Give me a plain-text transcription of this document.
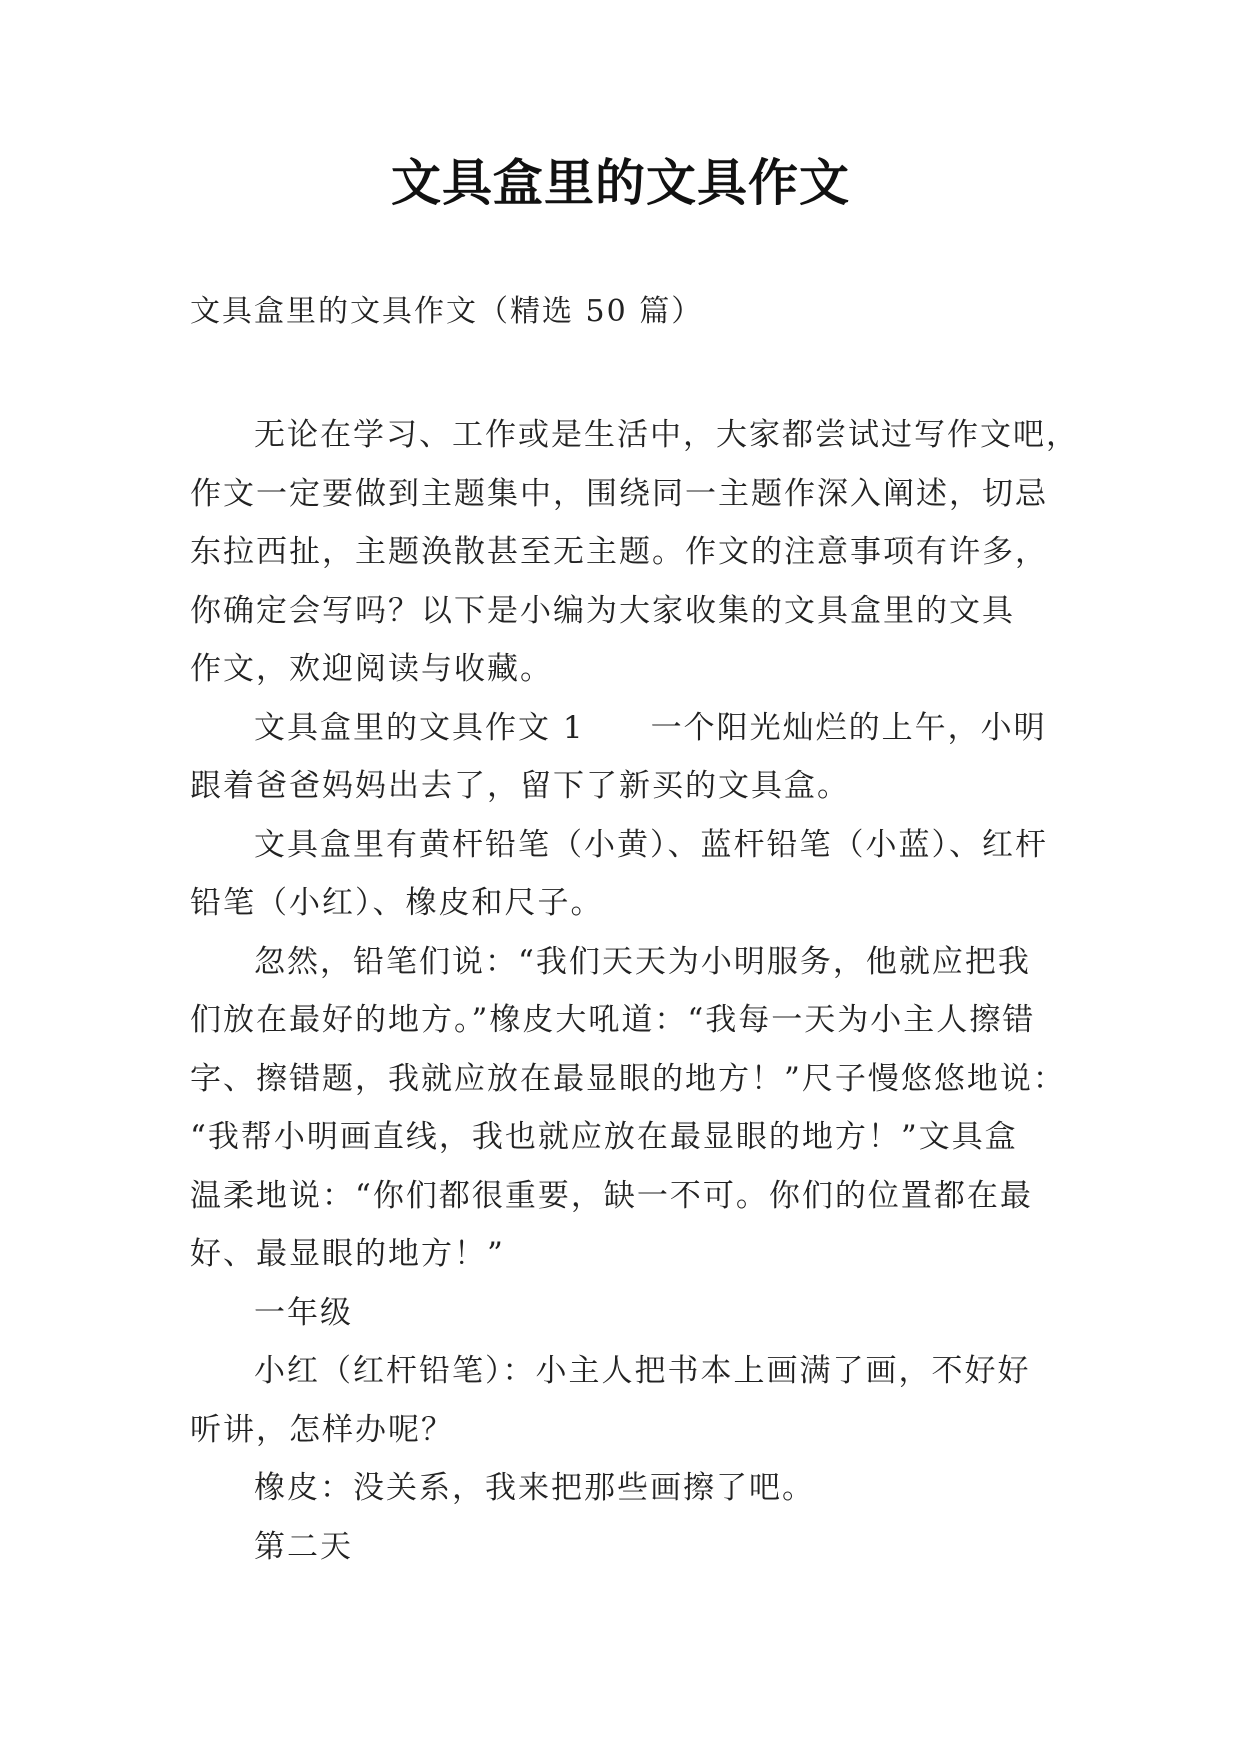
文具盒里的文具作文
文具盒里的文具作文（精选 50 篇）
无论在学习、工作或是生活中，大家都尝试过写作文吧，
作文一定要做到主题集中，围绕同一主题作深入阐述，切忌
东拉西扯，主题涣散甚至无主题。作文的注意事项有许多，
你确定会写吗？以下是小编为大家收集的文具盒里的文具
作文，欢迎阅读与收藏。
文具盒里的文具作文 1　　一个阳光灿烂的上午，小明
跟着爸爸妈妈出去了，留下了新买的文具盒。
文具盒里有黄杆铅笔（小黄）、蓝杆铅笔（小蓝）、红杆
铅笔（小红）、橡皮和尺子。
忽然，铅笔们说：“我们天天为小明服务，他就应把我
们放在最好的地方。”橡皮大吼道：“我每一天为小主人擦错
字、擦错题，我就应放在最显眼的地方！”尺子慢悠悠地说：
“我帮小明画直线，我也就应放在最显眼的地方！”文具盒
温柔地说：“你们都很重要，缺一不可。你们的位置都在最
好、最显眼的地方！”
一年级
小红（红杆铅笔）：小主人把书本上画满了画，不好好
听讲，怎样办呢？
橡皮：没关系，我来把那些画擦了吧。
第二天
